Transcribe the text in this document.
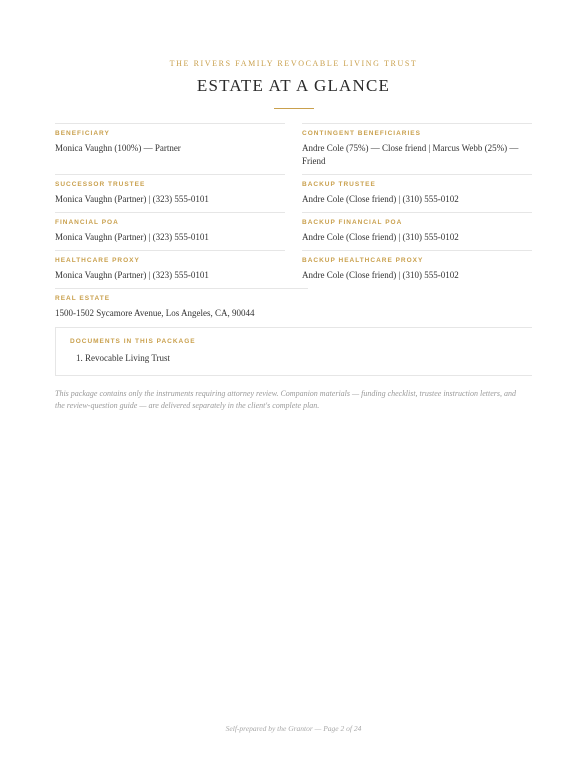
THE RIVERS FAMILY REVOCABLE LIVING TRUST
ESTATE AT A GLANCE
BENEFICIARY
Monica Vaughn (100%) — Partner
CONTINGENT BENEFICIARIES
Andre Cole (75%) — Close friend | Marcus Webb (25%) — Friend
SUCCESSOR TRUSTEE
Monica Vaughn (Partner) | (323) 555-0101
BACKUP TRUSTEE
Andre Cole (Close friend) | (310) 555-0102
FINANCIAL POA
Monica Vaughn (Partner) | (323) 555-0101
BACKUP FINANCIAL POA
Andre Cole (Close friend) | (310) 555-0102
HEALTHCARE PROXY
Monica Vaughn (Partner) | (323) 555-0101
BACKUP HEALTHCARE PROXY
Andre Cole (Close friend) | (310) 555-0102
REAL ESTATE
1500-1502 Sycamore Avenue, Los Angeles, CA, 90044
DOCUMENTS IN THIS PACKAGE
1. Revocable Living Trust
This package contains only the instruments requiring attorney review. Companion materials — funding checklist, trustee instruction letters, and the review-question guide — are delivered separately in the client's complete plan.
Self-prepared by the Grantor — Page 2 of 24
